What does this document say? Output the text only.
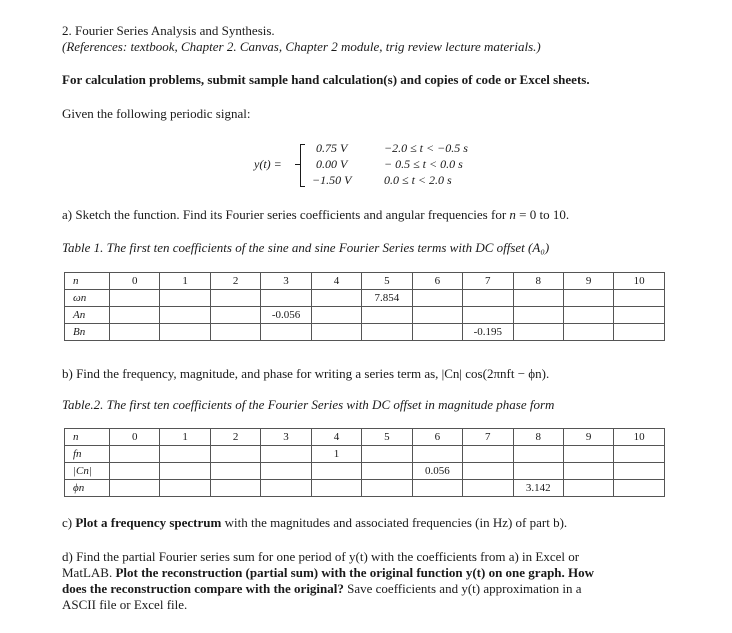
2. Fourier Series Analysis and Synthesis.
(References: textbook, Chapter 2. Canvas, Chapter 2 module, trig review lecture materials.)
For calculation problems, submit sample hand calculation(s) and copies of code or Excel sheets.
Given the following periodic signal:
y(t) =
0.75 V	−2.0 ≤ t < −0.5 s
0.00 V	− 0.5 ≤ t < 0.0 s
−1.50 V	0.0 ≤ t < 2.0 s
a) Sketch the function. Find its Fourier series coefficients and angular frequencies for n = 0 to 10.
Table 1. The first ten coefficients of the sine and sine Fourier Series terms with DC offset (A₀)
n	0	1	2	3	4	5	6	7	8	9	10
ωn						7.854					
An				-0.056							
Bn								-0.195			
b) Find the frequency, magnitude, and phase for writing a series term as, |Cn| cos(2πnft − ϕn).
Table.2. The first ten coefficients of the Fourier Series with DC offset in magnitude phase form
n	0	1	2	3	4	5	6	7	8	9	10
fn					1						
|Cn|							0.056				
ϕn									3.142		
c) Plot a frequency spectrum with the magnitudes and associated frequencies (in Hz) of part b).
d) Find the partial Fourier series sum for one period of y(t) with the coefficients from a) in Excel or
MatLAB. Plot the reconstruction (partial sum) with the original function y(t) on one graph. How
does the reconstruction compare with the original? Save coefficients and y(t) approximation in a
ASCII file or Excel file.
